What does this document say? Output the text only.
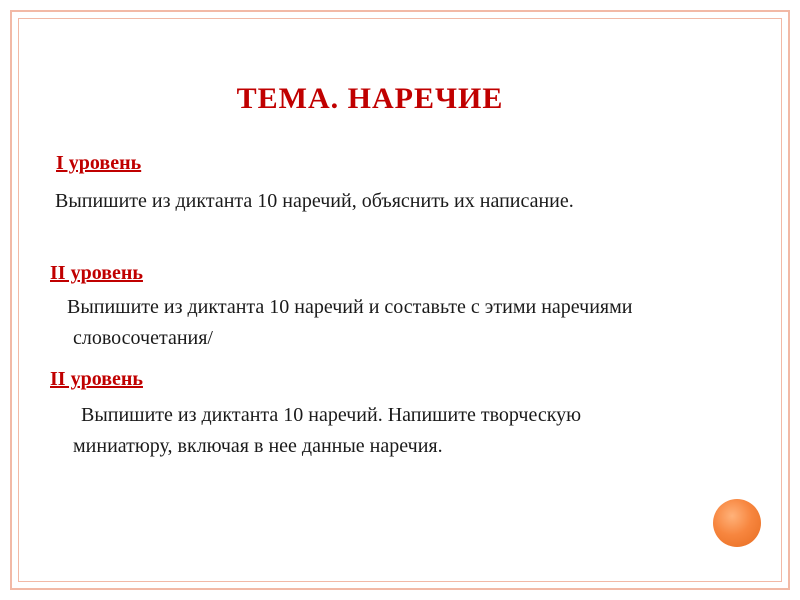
ТЕМА. НАРЕЧИЕ
I уровень
Выпишите из диктанта 10 наречий, объяснить их написание.
II уровень
Выпишите из диктанта 10 наречий и составьте с этими наречиями словосочетания/
II уровень
Выпишите из диктанта 10 наречий. Напишите творческую миниатюру, включая в нее данные наречия.
